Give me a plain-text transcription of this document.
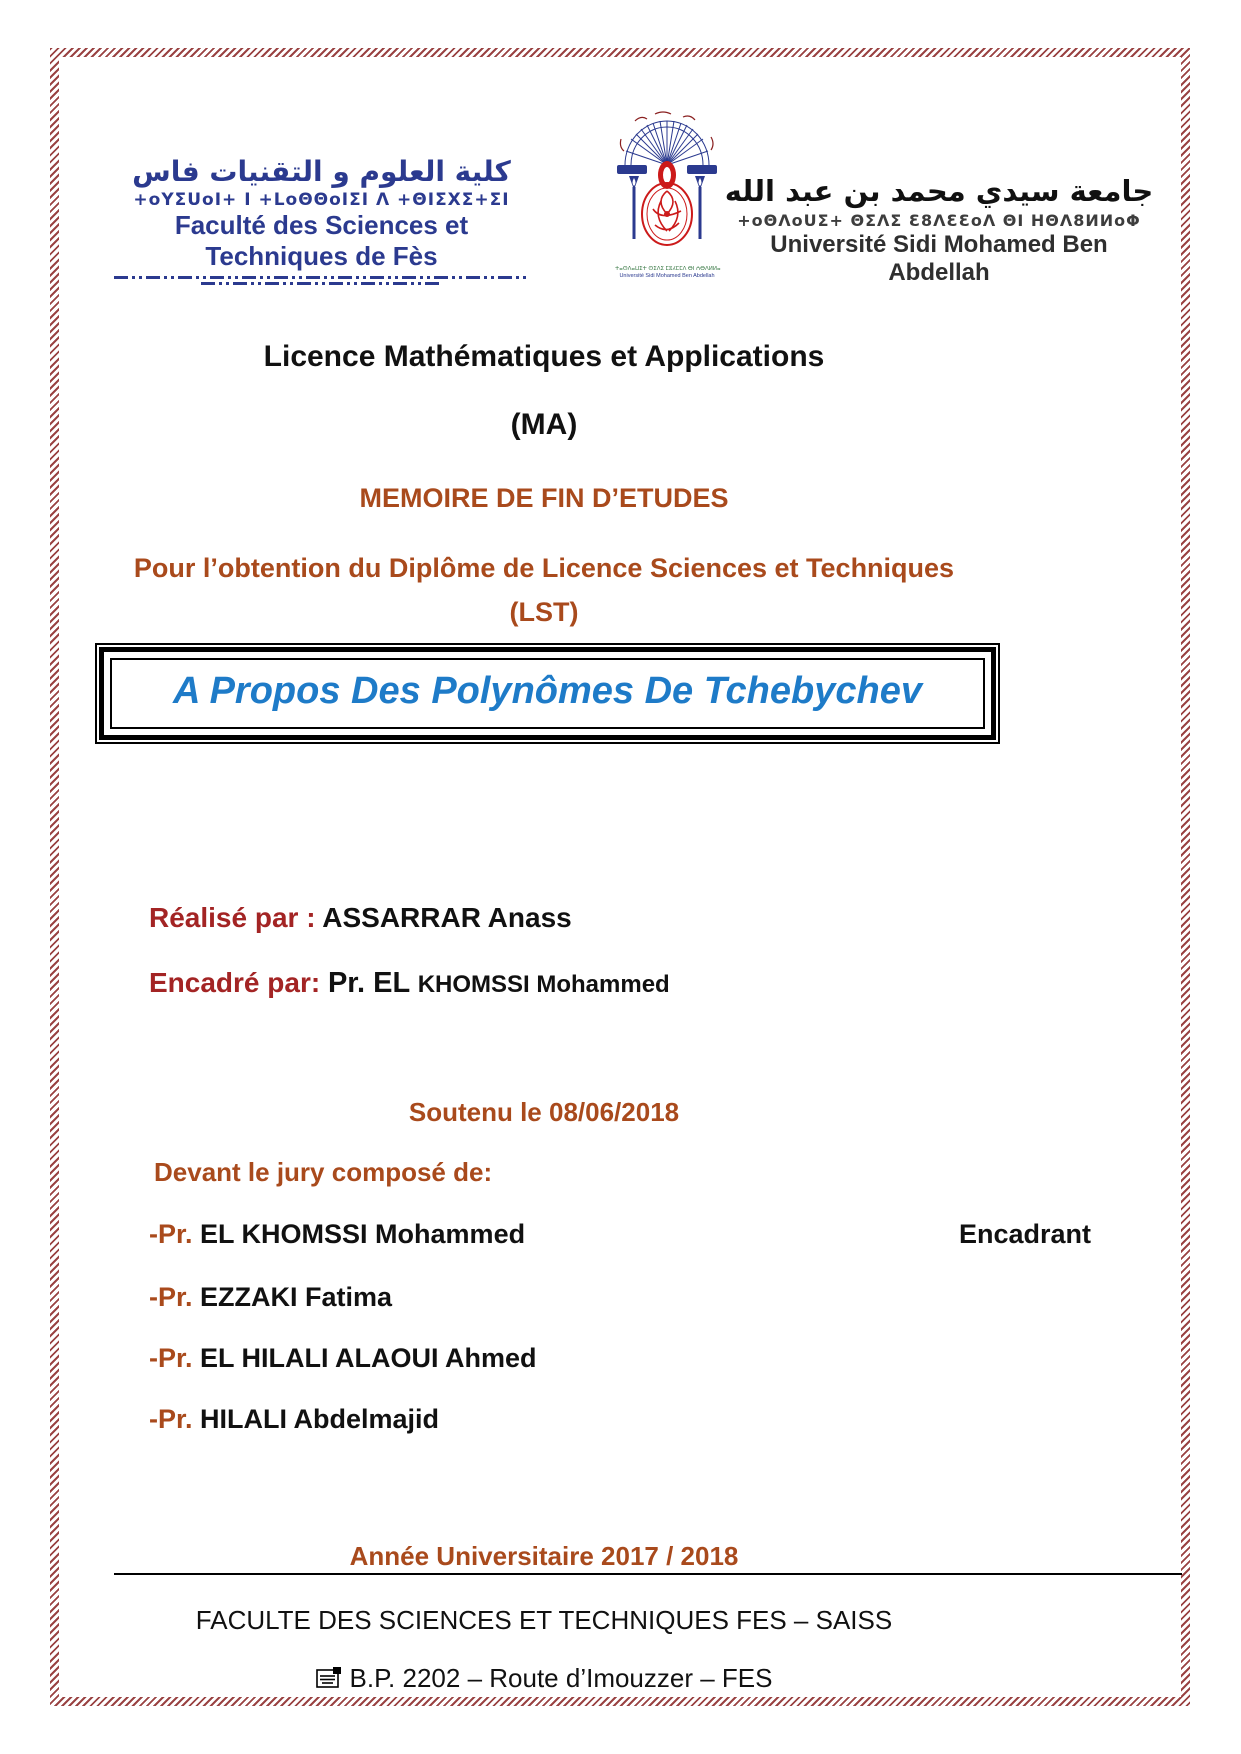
كلية العلوم و التقنيات فاس
+oYΣUoI+ I +LoΘΘoIΣI Λ +ΘIΣXΣ+ΣI
Faculté des Sciences et Techniques de Fès	ⵜⴰⵙⴷⴰⵡⵉⵜ ⵙⵉⴷⵉ ⵎⵓⵃⵎⵎⴷ ⴱⵏ ⵄⴱⴷⵍⵍⴰ
Université Sidi Mohamed Ben Abdellah
جامعة سيدي محمد بن عبد الله
+oΘΛoUΣ+ ΘΣΛΣ Ɛ8ΛƐƐoΛ ΘI ΗΘΛ8ИИoΦ
Université Sidi Mohamed Ben Abdellah
Licence Mathématiques et Applications
(MA)
MEMOIRE DE FIN D’ETUDES
Pour l’obtention du Diplôme de Licence Sciences et Techniques
(LST)
A Propos Des Polynômes De Tchebychev
Réalisé par : ASSARRAR Anass
Encadré par: Pr. EL KHOMSSI Mohammed
Soutenu le 08/06/2018
Devant le jury composé de:
-Pr. EL KHOMSSI Mohammed	Encadrant
-Pr. EZZAKI Fatima
-Pr. EL HILALI ALAOUI Ahmed
-Pr. HILALI Abdelmajid
Année Universitaire 2017 / 2018
FACULTE DES SCIENCES ET TECHNIQUES FES – SAISS
B.P. 2202 – Route d’Imouzzer – FES
